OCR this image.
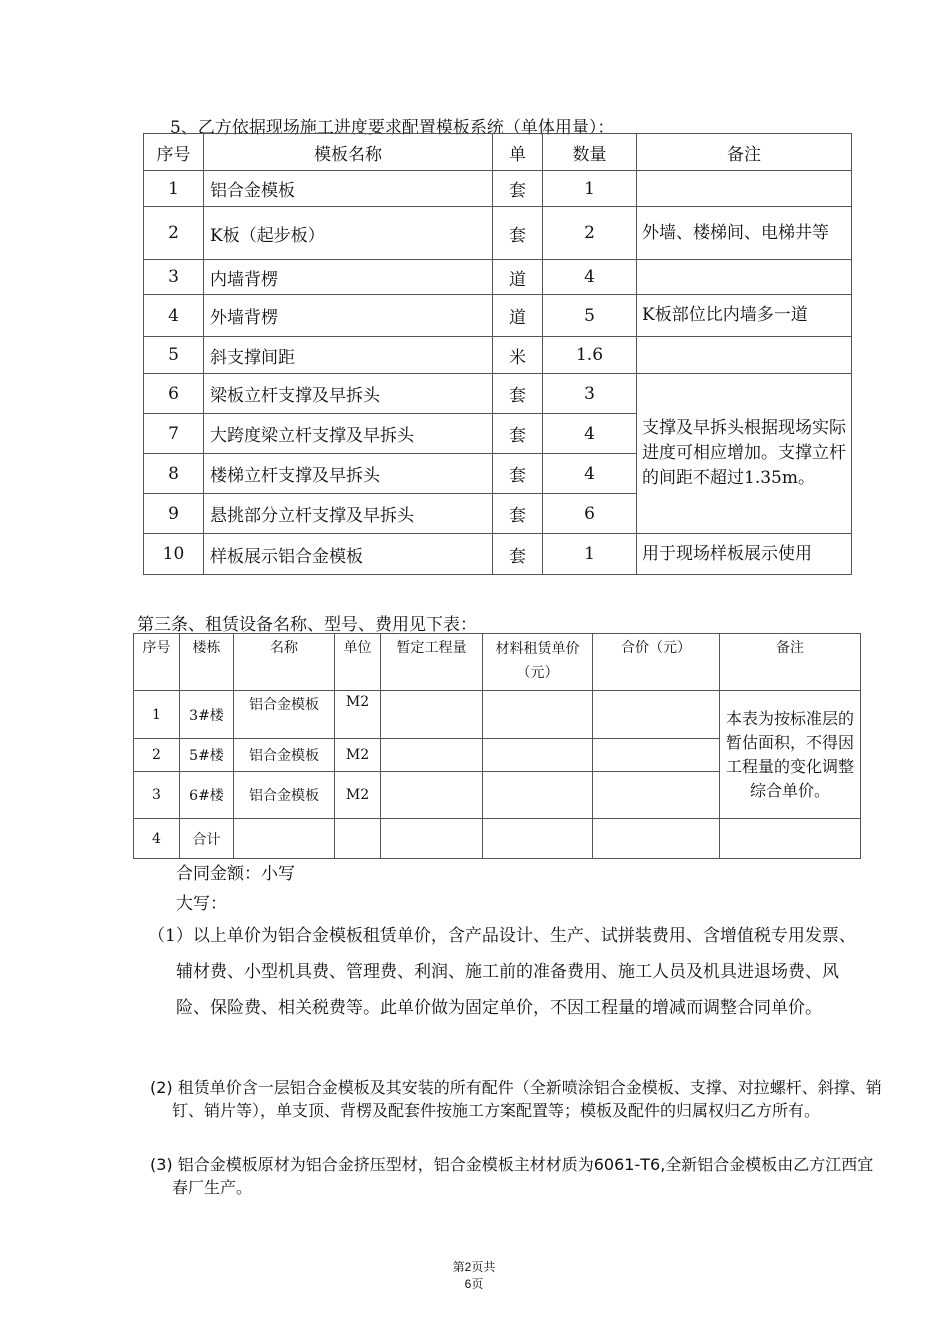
5、乙方依据现场施工进度要求配置模板系统（单体用量）：
序号	模板名称	单	数量	备注
1	铝合金模板	套	1	
2	K板（起步板）	套	2	外墙、楼梯间、电梯井等
3	内墙背楞	道	4	
4	外墙背楞	道	5	K板部位比内墙多一道
5	斜支撑间距	米	1.6	
6	梁板立杆支撑及早拆头	套	3	支撑及早拆头根据现场实际进度可相应增加。支撑立杆的间距不超过1.35m。
7	大跨度梁立杆支撑及早拆头	套	4	
8	楼梯立杆支撑及早拆头	套	4	
9	悬挑部分立杆支撑及早拆头	套	6	
10	样板展示铝合金模板	套	1	用于现场样板展示使用
第三条、租赁设备名称、型号、费用见下表：
序号	楼栋	名称	单位	暂定工程量	材料租赁单价（元）	合价（元）	备注
1	3#楼	铝合金模板	M2				本表为按标准层的暂估面积，不得因工程量的变化调整综合单价。
2	5#楼	铝合金模板	M2				
3	6#楼	铝合金模板	M2				
4	合计						
合同金额：小写
大写：
（1）以上单价为铝合金模板租赁单价，含产品设计、生产、试拼装费用、含增值税专用发票、辅材费、小型机具费、管理费、利润、施工前的准备费用、施工人员及机具进退场费、风险、保险费、相关税费等。此单价做为固定单价，不因工程量的增减而调整合同单价。
(2) 租赁单价含一层铝合金模板及其安装的所有配件（全新喷涂铝合金模板、支撑、对拉螺杆、斜撑、销钉、销片等），单支顶、背楞及配套件按施工方案配置等；模板及配件的归属权归乙方所有。
(3) 铝合金模板原材为铝合金挤压型材，铝合金模板主材材质为6061-T6,全新铝合金模板由乙方江西宜春厂生产。
第2页共
6页
